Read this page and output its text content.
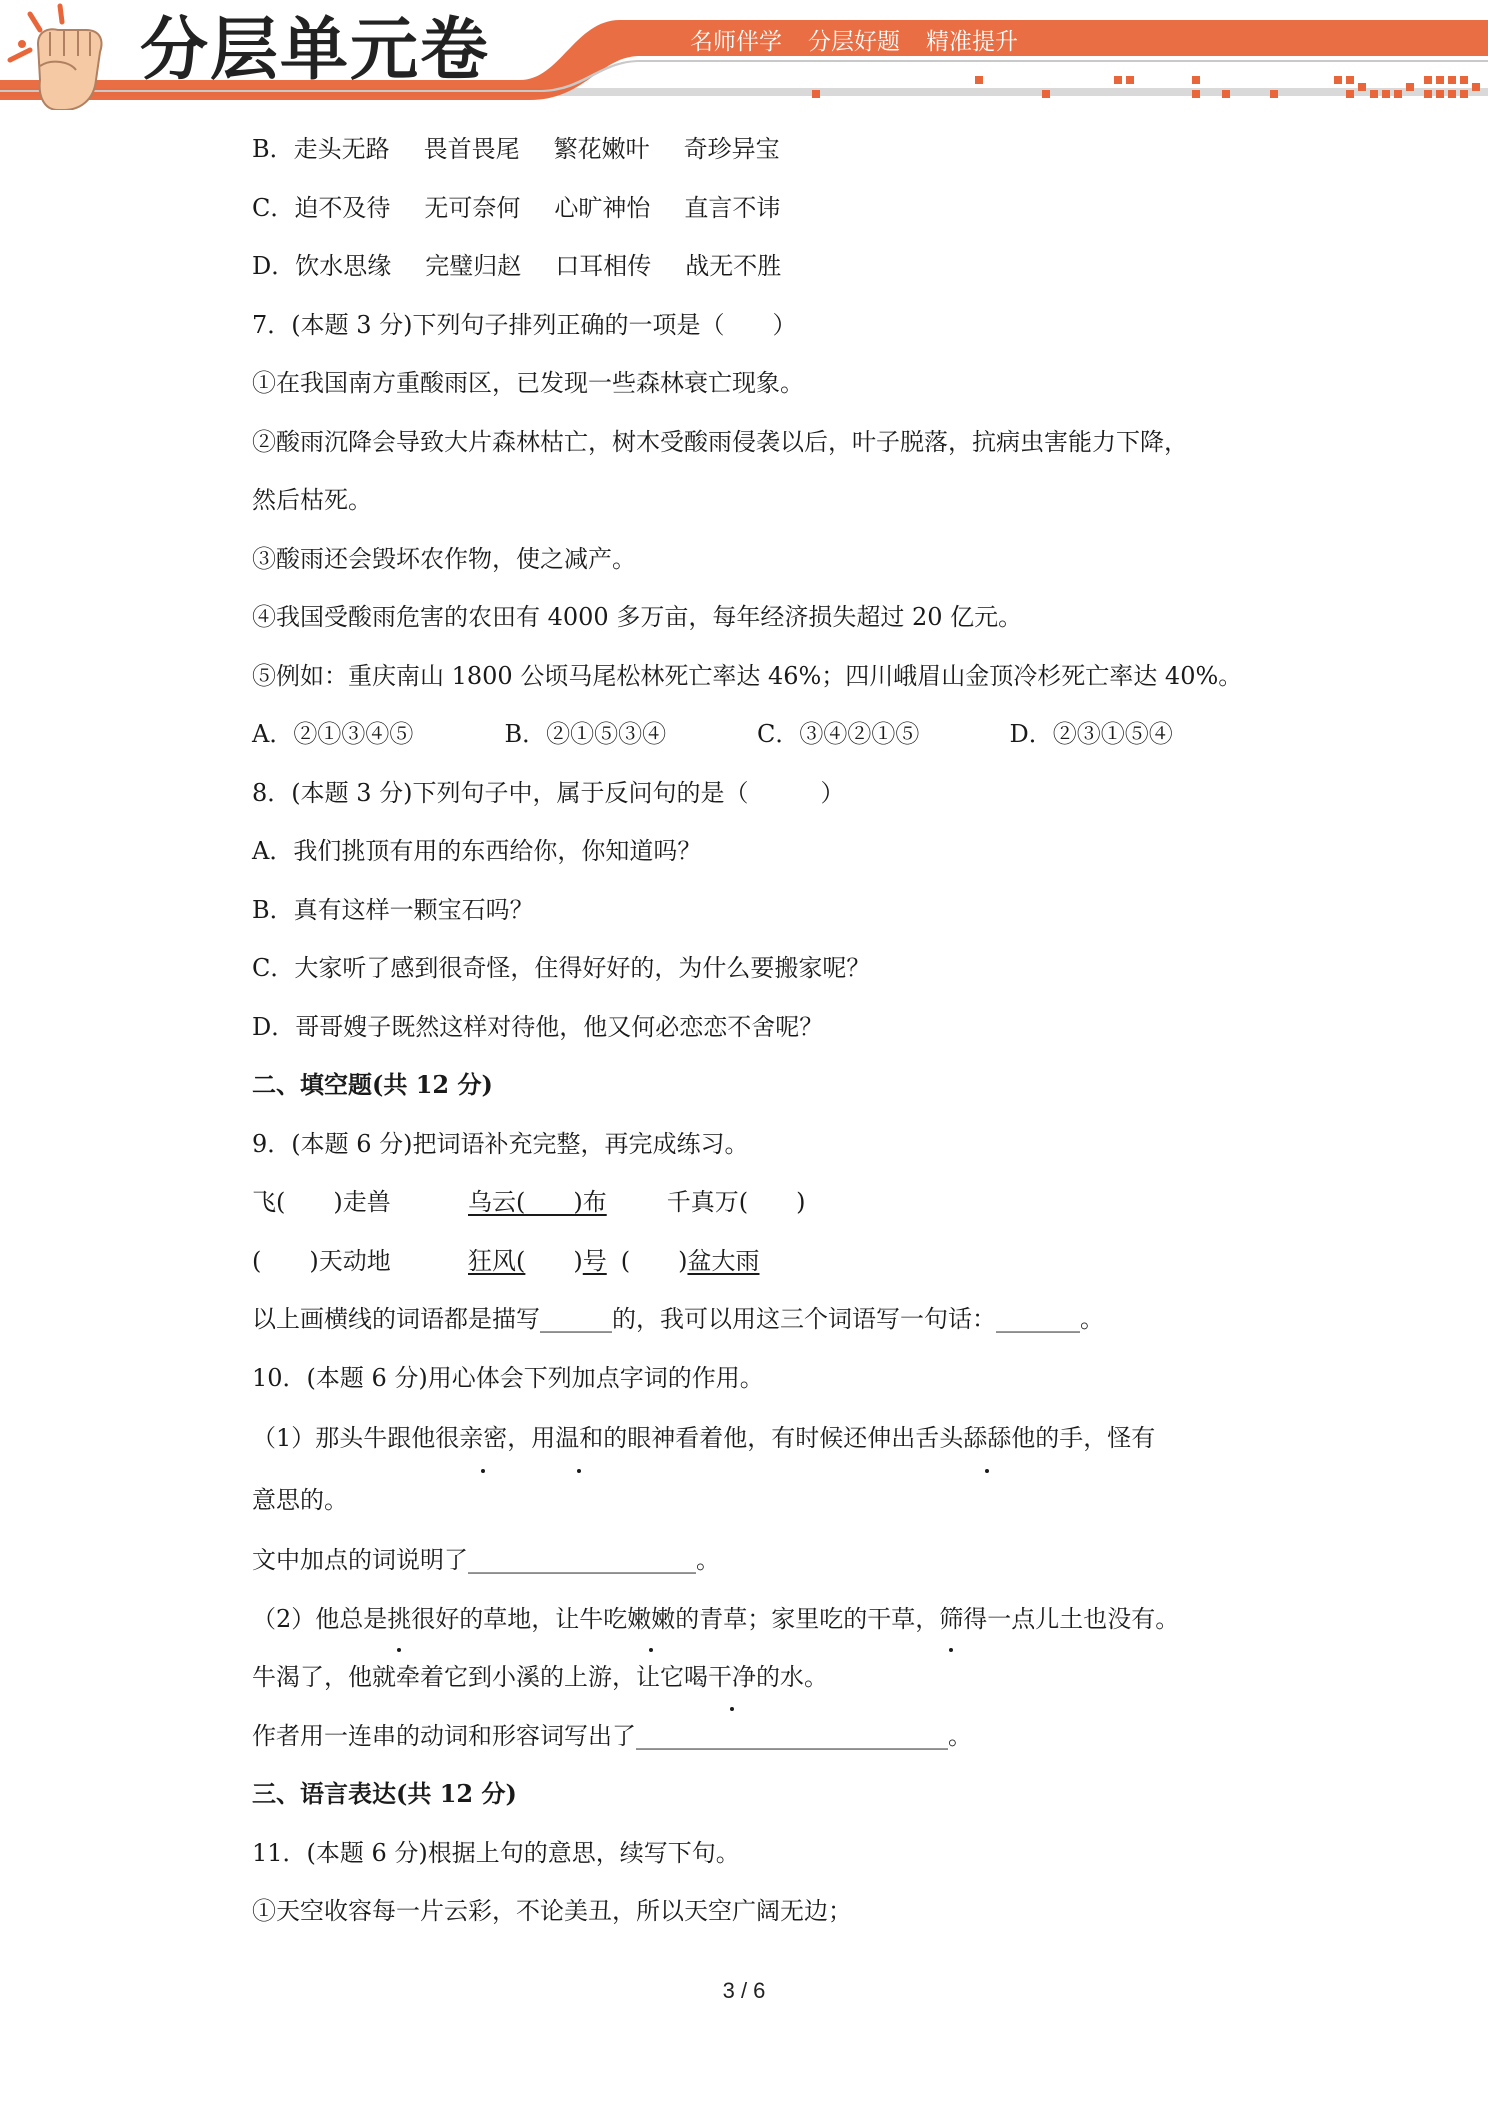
分层单元卷	名师伴学 分层好题 精准提升
B．走头无路 畏首畏尾 繁花嫩叶 奇珍异宝
C．迫不及待 无可奈何 心旷神怡 直言不讳
D．饮水思缘 完璧归赵 口耳相传 战无不胜
7．(本题 3 分)下列句子排列正确的一项是（　　）
①在我国南方重酸雨区，已发现一些森林衰亡现象。
②酸雨沉降会导致大片森林枯亡，树木受酸雨侵袭以后，叶子脱落，抗病虫害能力下降，
然后枯死。
③酸雨还会毁坏农作物，使之减产。
④我国受酸雨危害的农田有 4000 多万亩，每年经济损失超过 20 亿元。
⑤例如：重庆南山 1800 公顷马尾松林死亡率达 46%；四川峨眉山金顶冷杉死亡率达 40%。
A．②①③④⑤	B．②①⑤③④	C．③④②①⑤	D．②③①⑤④
8．(本题 3 分)下列句子中，属于反问句的是（　　　）
A．我们挑顶有用的东西给你，你知道吗？
B．真有这样一颗宝石吗？
C．大家听了感到很奇怪，住得好好的，为什么要搬家呢？
D．哥哥嫂子既然这样对待他，他又何必恋恋不舍呢？
二、填空题(共 12 分)
9．(本题 6 分)把词语补充完整，再完成练习。
飞(　　)走兽	乌云(　　)布	千真万(　　)
(　　)天动地	狂风(　　)号 (　　)盆大雨
以上画横线的词语都是描写______的，我可以用这三个词语写一句话：_______。
10．(本题 6 分)用心体会下列加点字词的作用。
（1）那头牛跟他很亲密，用温和的眼神看着他，有时候还伸出舌头舔舔他的手，怪有
意思的。
文中加点的词说明了___________________。
（2）他总是挑很好的草地，让牛吃嫩嫩的青草；家里吃的干草，筛得一点儿土也没有。
牛渴了，他就牵着它到小溪的上游，让它喝干净的水。
作者用一连串的动词和形容词写出了__________________________。
三、语言表达(共 12 分)
11．(本题 6 分)根据上句的意思，续写下句。
①天空收容每一片云彩，不论美丑，所以天空广阔无边；
3 / 6
